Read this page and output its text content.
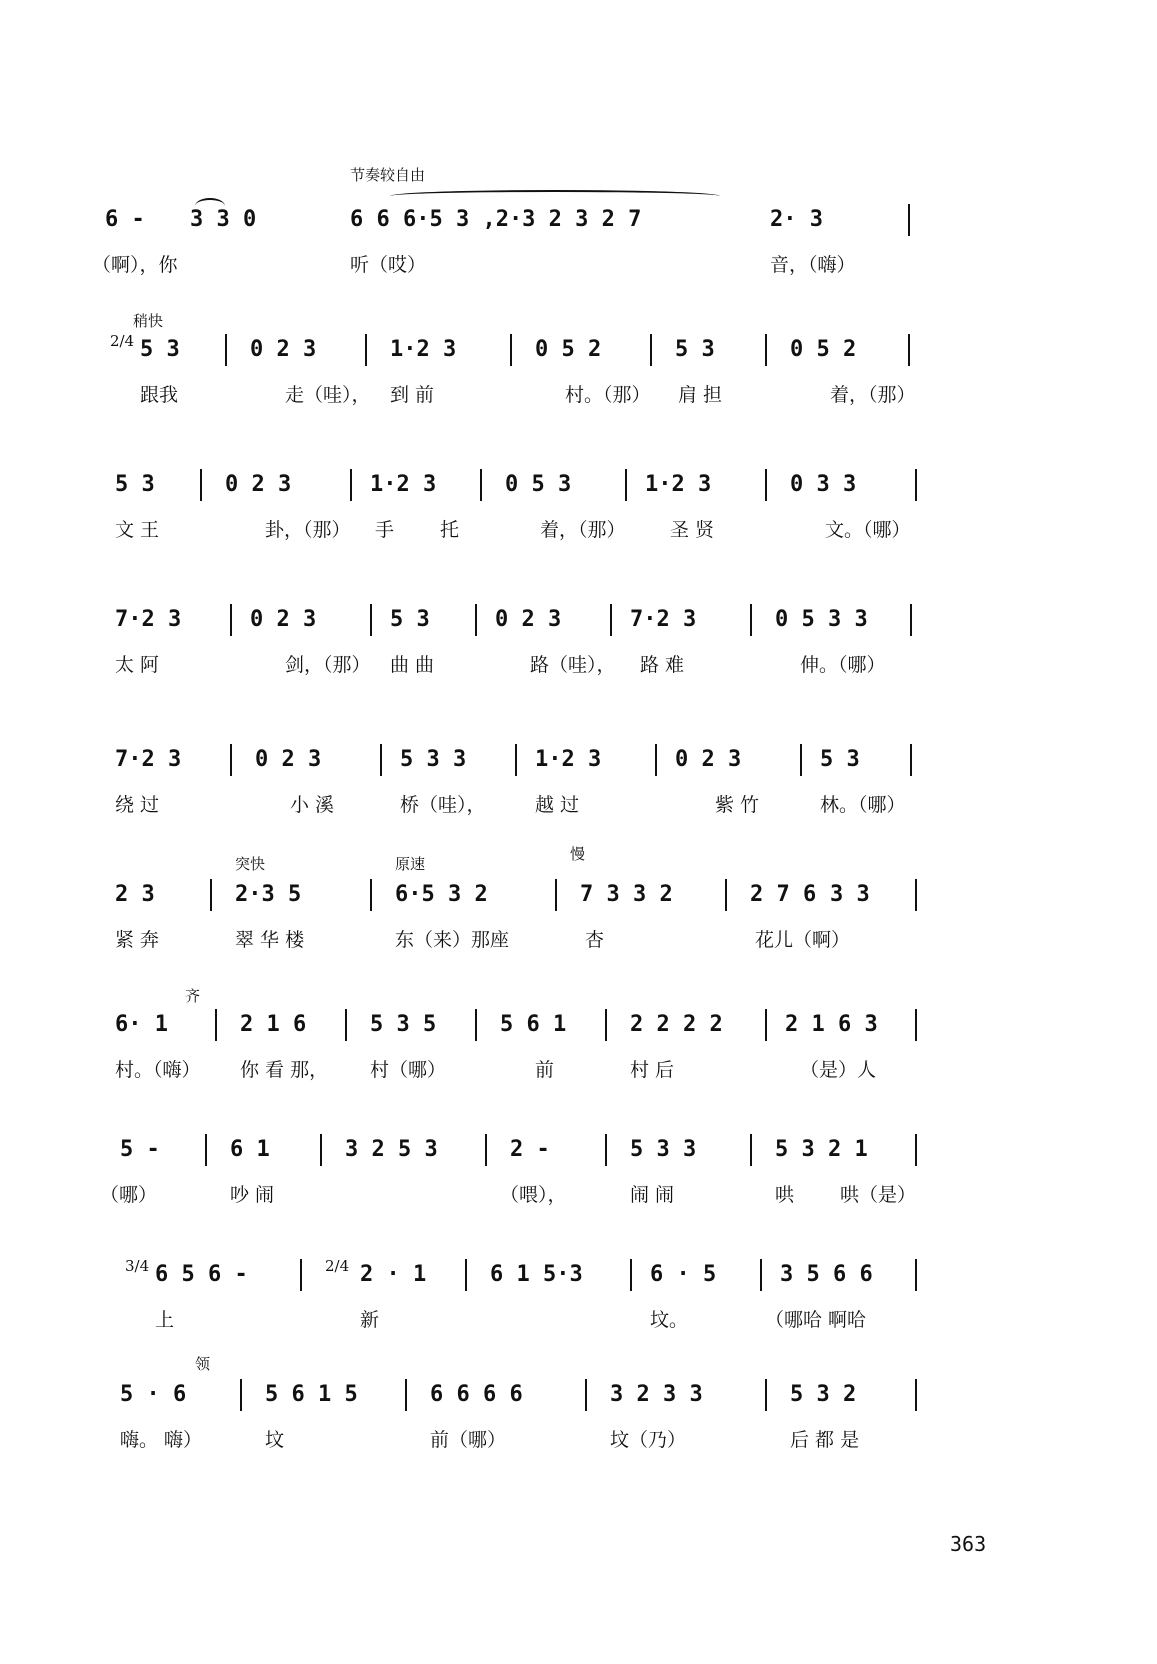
节奏较自由
6 - 3 3 0	6 6 6·5 3 ,2·3 2 3 2 7	2· 3
（啊），你	听（哎）	音，（嗨）
稍快
2/4 5 3	0 2 3	1·2 3	0 5 2	5 3	0 5 2
跟我	走（哇）， 到 前	村。（那） 肩 担	着，（那）
5 3	0 2 3	1·2 3	0 5 3	1·2 3	0 3 3
文 王	卦，（那） 手 托	着，（那） 圣 贤	文。（哪）
7·2 3	0 2 3	5 3	0 2 3	7·2 3	0 5 3 3
太 阿	剑，（那） 曲 曲	路（哇）， 路 难	伸。（哪）
7·2 3	0 2 3	5 3 3	1·2 3	0 2 3	5 3
绕 过	小 溪	桥（哇），	越 过	紫 竹	林。（哪）
突快	原速
慢
2 3	2·3 5	6·5 3 2	7 3 3 2	2 7 6 3 3
紧 奔	翠 华 楼	东（来）那座	杏	花儿（啊）
齐
6· 1	2 1 6	5 3 5	5 6 1	2 2 2 2	2 1 6 3
村。（嗨） 你 看 那， 村（哪）	前	村 后	（是）人
5 -	6 1	3 2 5 3	2 -	5 3 3	5 3 2 1
（哪）	吵 闹	（喂），	闹 闹	哄 哄（是）
3/4 6 5 6 -	2/4 2 · 1	6 1 5·3	6 · 5	3 5 6 6
上	新	坟。	（哪哈 啊哈
领
5 · 6	5 6 1 5	6 6 6 6	3 2 3 3	5 3 2
嗨。 嗨）	坟	前（哪）	坟（乃）	后 都 是
363
